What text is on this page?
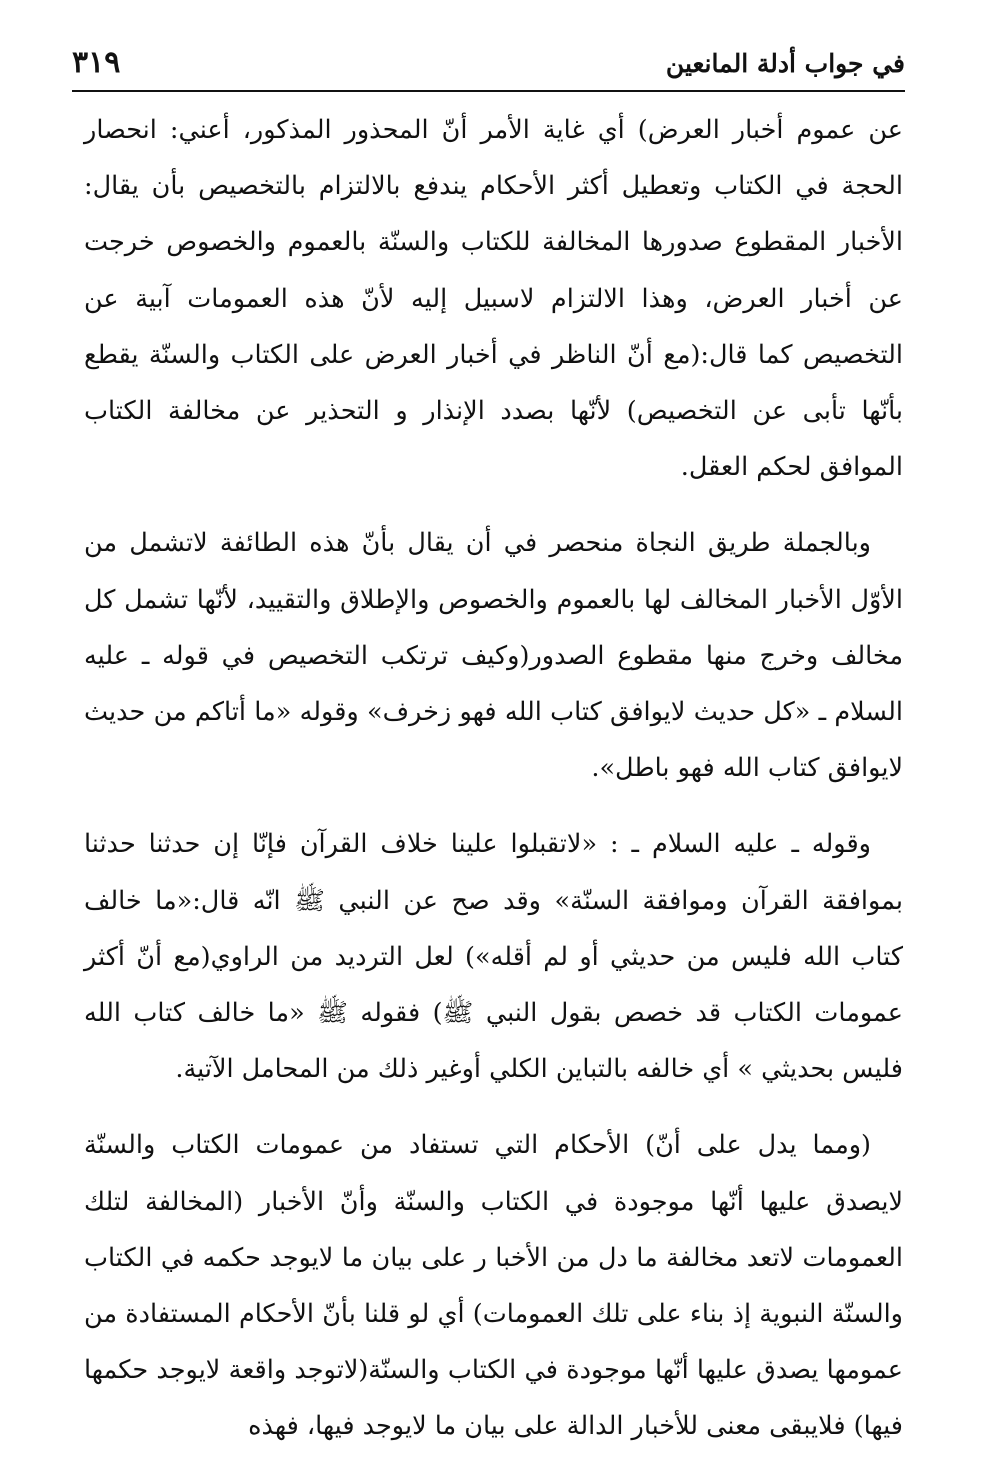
في جواب أدلة المانعين
٣١٩

عن عموم أخبار العرض) أي غاية الأمر أنّ المحذور المذكور، أعني: انحصار الحجة في الكتاب وتعطيل أكثر الأحكام يندفع بالالتزام بالتخصيص بأن يقال: الأخبار المقطوع صدورها المخالفة للكتاب والسنّة بالعموم والخصوص خرجت عن أخبار العرض، وهذا الالتزام لاسبيل إليه لأنّ هذه العمومات آبية عن التخصيص كما قال:(مع أنّ الناظر في أخبار العرض على الكتاب والسنّة يقطع بأنّها تأبى عن التخصيص) لأنّها بصدد الإنذار و التحذير عن مخالفة الكتاب الموافق لحكم العقل.

وبالجملة طريق النجاة منحصر في أن يقال بأنّ هذه الطائفة لاتشمل من الأوّل الأخبار المخالف لها بالعموم والخصوص والإطلاق والتقييد، لأنّها تشمل كل مخالف وخرج منها مقطوع الصدور(وكيف ترتكب التخصيص في قوله ـ عليه السلام ـ «كل حديث لايوافق كتاب الله فهو زخرف» وقوله «ما أتاكم من حديث لايوافق كتاب الله فهو باطل».

وقوله ـ عليه السلام ـ : «لاتقبلوا علينا خلاف القرآن فإنّا إن حدثنا حدثنا بموافقة القرآن وموافقة السنّة» وقد صح عن النبي ﷺ انّه قال:«ما خالف كتاب الله فليس من حديثي أو لم أقله») لعل الترديد من الراوي(مع أنّ أكثر عمومات الكتاب قد خصص بقول النبي ﷺ) فقوله ﷺ «ما خالف كتاب الله فليس بحديثي » أي خالفه بالتباين الكلي أوغير ذلك من المحامل الآتية.

(ومما يدل على أنّ) الأحكام التي تستفاد من عمومات الكتاب والسنّة لايصدق عليها أنّها موجودة في الكتاب والسنّة وأنّ الأخبار (المخالفة لتلك العمومات لاتعد مخالفة ما دل من الأخبا ر على بيان ما لايوجد حكمه في الكتاب والسنّة النبوية إذ بناء على تلك العمومات) أي لو قلنا بأنّ الأحكام المستفادة من عمومها يصدق عليها أنّها موجودة في الكتاب والسنّة(لاتوجد واقعة لايوجد حكمها فيها) فلايبقى معنى للأخبار الدالة على بيان ما لايوجد فيها، فهذه
